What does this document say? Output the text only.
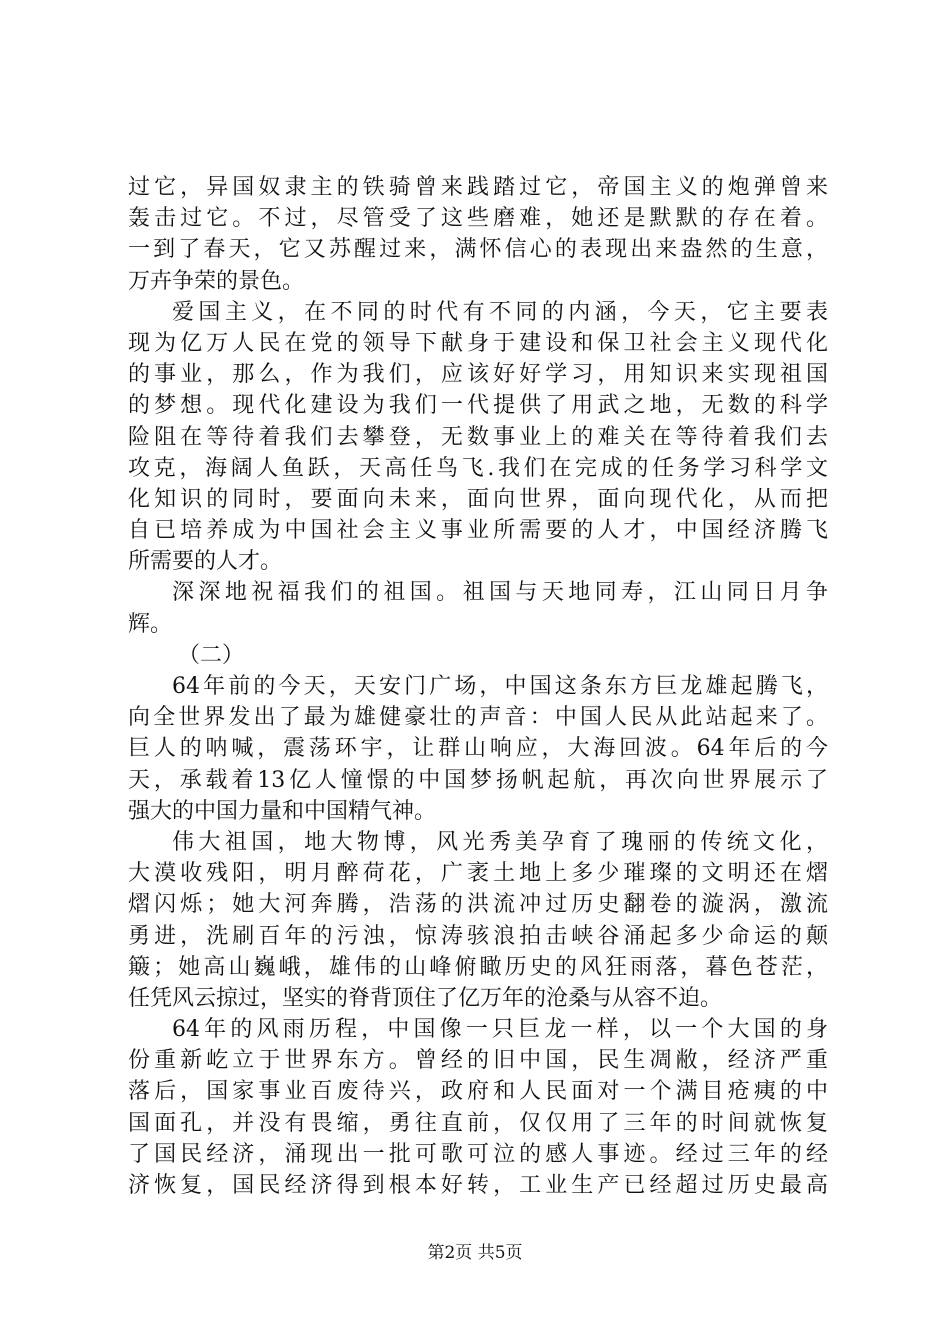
过它，异国奴隶主的铁骑曾来践踏过它，帝国主义的炮弹曾来
轰击过它。不过，尽管受了这些磨难，她还是默默的存在着。
一到了春天，它又苏醒过来，满怀信心的表现出来盎然的生意，
万卉争荣的景色。
爱国主义，在不同的时代有不同的内涵，今天，它主要表
现为亿万人民在党的领导下献身于建设和保卫社会主义现代化
的事业，那么，作为我们，应该好好学习，用知识来实现祖国
的梦想。现代化建设为我们一代提供了用武之地，无数的科学
险阻在等待着我们去攀登，无数事业上的难关在等待着我们去
攻克，海阔人鱼跃，天高任鸟飞.我们在完成的任务学习科学文
化知识的同时，要面向未来，面向世界，面向现代化，从而把
自已培养成为中国社会主义事业所需要的人才，中国经济腾飞
所需要的人才。
深深地祝福我们的祖国。祖国与天地同寿，江山同日月争
辉。
（二）
64年前的今天，天安门广场，中国这条东方巨龙雄起腾飞，
向全世界发出了最为雄健豪壮的声音：中国人民从此站起来了。
巨人的呐喊，震荡环宇，让群山响应，大海回波。64年后的今
天，承载着13亿人憧憬的中国梦扬帆起航，再次向世界展示了
强大的中国力量和中国精气神。
伟大祖国，地大物博，风光秀美孕育了瑰丽的传统文化，
大漠收残阳，明月醉荷花，广袤土地上多少璀璨的文明还在熠
熠闪烁；她大河奔腾，浩荡的洪流冲过历史翻卷的漩涡，激流
勇进，洗刷百年的污浊，惊涛骇浪拍击峡谷涌起多少命运的颠
簸；她高山巍峨，雄伟的山峰俯瞰历史的风狂雨落，暮色苍茫，
任凭风云掠过，坚实的脊背顶住了亿万年的沧桑与从容不迫。
64年的风雨历程，中国像一只巨龙一样，以一个大国的身
份重新屹立于世界东方。曾经的旧中国，民生凋敝，经济严重
落后，国家事业百废待兴，政府和人民面对一个满目疮痍的中
国面孔，并没有畏缩，勇往直前，仅仅用了三年的时间就恢复
了国民经济，涌现出一批可歌可泣的感人事迹。经过三年的经
济恢复，国民经济得到根本好转，工业生产已经超过历史最高
第2页 共5页
